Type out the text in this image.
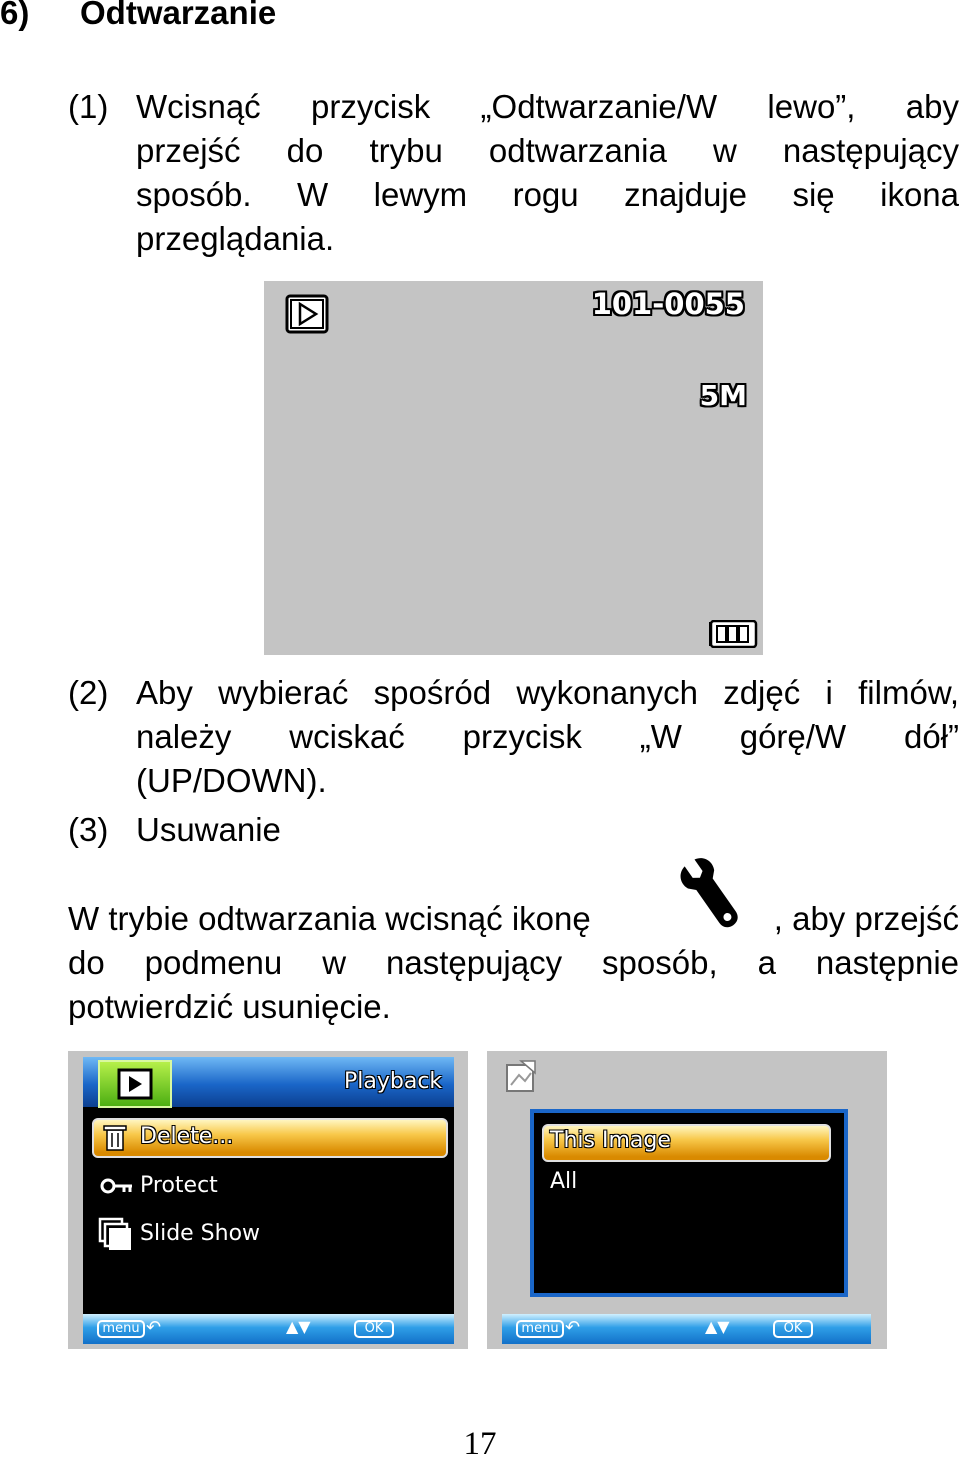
6) Odtwarzanie
(1) Wcisnąć przycisk „Odtwarzanie/W lewo”, aby
przejść do trybu odtwarzania w następujący
sposób. W lewym rogu znajduje się ikona
przeglądania.
101-0055
5M
(2) Aby wybierać spośród wykonanych zdjęć i filmów,
należy wciskać przycisk „W górę/W dół”
(UP/DOWN).
(3) Usuwanie
W trybie odtwarzania wcisnąć ikonę	, aby przejść
do podmenu w następujący sposób, a następnie
potwierdzić usunięcie.
Playback
Delete...
Protect
Slide Show
menu ↶	▲▼	OK
This Image
All
menu ↶	▲▼	OK
17
